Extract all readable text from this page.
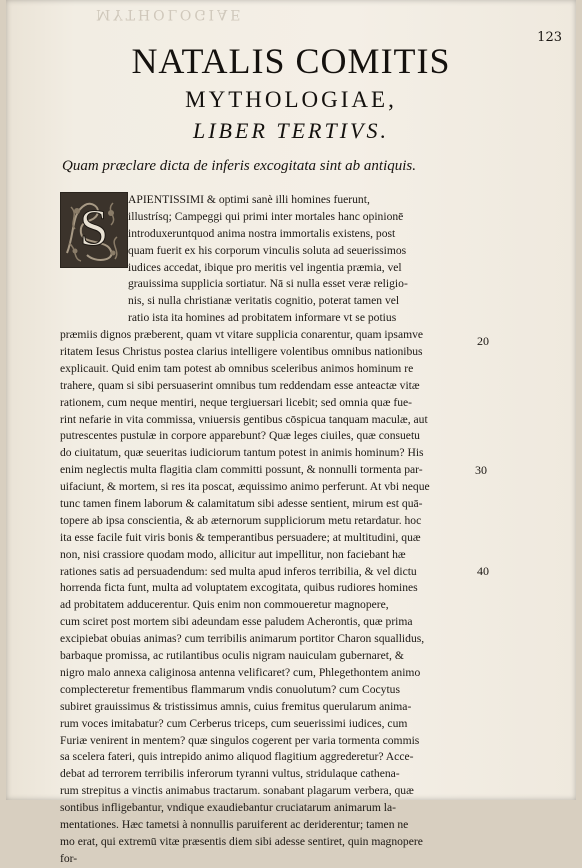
MYTHOLOGIAE
123
NATALIS COMITIS
MYTHOLOGIAE,
LIBER TERTIVS.
Quam præclare dicta de inferis excogitata sint ab antiquis.
S
APIENTISSIMI & optimi sanè illi homines fuerunt,
illustrísq; Campeggi qui primi inter mortales hanc opinionē
introduxeruntquod anima nostra immortalis existens, post
quam fuerit ex his corporum vinculis soluta ad seuerissimos
iudices accedat, ibique pro meritis vel ingentia præmia, vel
grauissima supplicia sortiatur. Nā si nulla esset veræ religio-
nis, si nulla christianæ veritatis cognitio, poterat tamen vel
ratio ista ita homines ad probitatem informare vt se potius
præmiis dignos præberent, quam vt vitare supplicia conarentur, quam ipsamve
ritatem Iesus Christus postea clarius intelligere volentibus omnibus nationibus
explicauit. Quid enim tam potest ab omnibus sceleribus animos hominum re
trahere, quam si sibi persuaserint omnibus tum reddendam esse anteactæ vitæ
rationem, cum neque mentiri, neque tergiuersari licebit; sed omnia quæ fue-
rint nefarie in vita commissa, vniuersis gentibus cōspicua tanquam maculæ, aut
putrescentes pustulæ in corpore apparebunt? Quæ leges ciuiles, quæ consuetu
do ciuitatum, quæ seueritas iudiciorum tantum potest in animis hominum? His
enim neglectis multa flagitia clam committi possunt, & nonnulli tormenta par-
uifaciunt, & mortem, si res ita poscat, æquissimo animo perferunt. At vbi neque
tunc tamen finem laborum & calamitatum sibi adesse sentient, mirum est quā-
topere ab ipsa conscientia, & ab æternorum suppliciorum metu retardatur. hoc
ita esse facile fuit viris bonis & temperantibus persuadere; at multitudini, quæ
non, nisi crassiore quodam modo, allicitur aut impellitur, non faciebant hæ
rationes satis ad persuadendum: sed multa apud inferos terribilia, & vel dictu
horrenda ficta funt, multa ad voluptatem excogitata, quibus rudiores homines
ad probitatem adducerentur. Quis enim non commoueretur magnopere,
cum sciret post mortem sibi adeundam esse paludem Acherontis, quæ prima
excipiebat obuias animas? cum terribilis animarum portitor Charon squallidus,
barbaque promissa, ac rutilantibus oculis nigram nauiculam gubernaret, &
nigro malo annexa caliginosa antenna velificaret? cum, Phlegethontem animo
complecteretur frementibus flammarum vndis conuolutum? cum Cocytus
subiret grauissimus & tristissimus amnis, cuius fremitus querularum anima-
rum voces imitabatur? cum Cerberus triceps, cum seuerissimi iudices, cum
Furiæ venirent in mentem? quæ singulos cogerent per varia tormenta commis
sa scelera fateri, quis intrepido animo aliquod flagitium aggrederetur? Acce-
debat ad terrorem terribilis inferorum tyranni vultus, stridulaque cathena-
rum strepitus a vinctis animabus tractarum. sonabant plagarum verbera, quæ
sontibus infligebantur, vndique exaudiebantur cruciatarum animarum la-
mentationes. Hæc tametsi à nonnullis paruiferent ac deriderentur; tamen ne
mo erat, qui extremū vitæ præsentis diem sibi adesse sentiret, quin magnopere
for-
20
30
40
